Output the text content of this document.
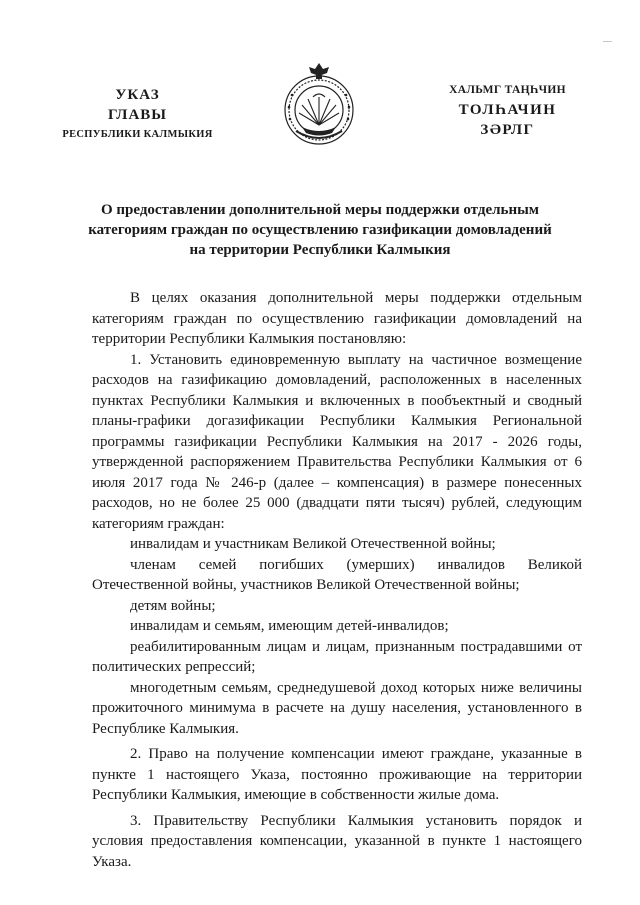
—
УКАЗ
ГЛАВЫ
РЕСПУБЛИКИ КАЛМЫКИЯ
ХАЛЬМГ ТАҢҺЧИН
ТОЛҺАЧИН
ЗӘРЛГ
О предоставлении дополнительной меры поддержки отдельным
категориям граждан по осуществлению газификации домовладений
на территории Республики Калмыкия

В целях оказания дополнительной меры поддержки отдельным категориям граждан по осуществлению газификации домовладений на территории Республики Калмыкия постановляю:

1. Установить единовременную выплату на частичное возмещение расходов на газификацию домовладений, расположенных в населенных пунктах Республики Калмыкия и включенных в пообъектный и сводный планы-графики догазификации Республики Калмыкия Региональной программы газификации Республики Калмыкия на 2017 - 2026 годы, утвержденной распоряжением Правительства Республики Калмыкия от 6 июля 2017 года № 246-р (далее – компенсация) в размере понесенных расходов, но не более 25 000 (двадцати пяти тысяч) рублей, следующим категориям граждан:

инвалидам и участникам Великой Отечественной войны;

членам семей погибших (умерших) инвалидов Великой Отечественной войны, участников Великой Отечественной войны;

детям войны;

инвалидам и семьям, имеющим детей-инвалидов;

реабилитированным лицам и лицам, признанным пострадавшими от политических репрессий;

многодетным семьям, среднедушевой доход которых ниже величины прожиточного минимума в расчете на душу населения, установленного в Республике Калмыкия.

2. Право на получение компенсации имеют граждане, указанные в пункте 1 настоящего Указа, постоянно проживающие на территории Республики Калмыкия, имеющие в собственности жилые дома.

3. Правительству Республики Калмыкия установить порядок и условия предоставления компенсации, указанной в пункте 1 настоящего Указа.
